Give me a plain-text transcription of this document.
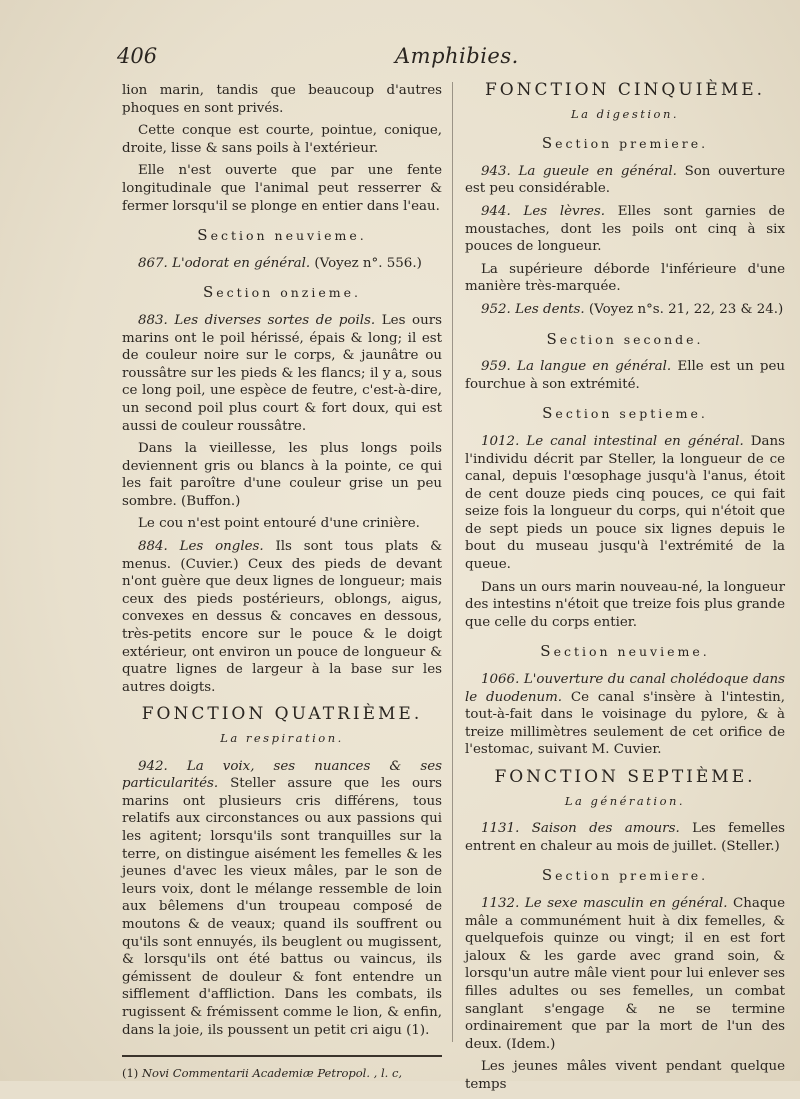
406	Amphibies.

lion marin, tandis que beaucoup d'autres phoques en sont privés.

Cette conque est courte, pointue, conique, droite, lisse & sans poils à l'extérieur.

Elle n'est ouverte que par une fente longitudinale que l'animal peut resserrer & fermer lorsqu'il se plonge en entier dans l'eau.

Section neuvieme.

867. L'odorat en général. (Voyez n°. 556.)

Section onzieme.

883. Les diverses sortes de poils. Les ours marins ont le poil hérissé, épais & long; il est de couleur noire sur le corps, & jaunâtre ou roussâtre sur les pieds & les flancs; il y a, sous ce long poil, une espèce de feutre, c'est-à-dire, un second poil plus court & fort doux, qui est aussi de couleur roussâtre.

Dans la vieillesse, les plus longs poils deviennent gris ou blancs à la pointe, ce qui les fait paroître d'une couleur grise un peu sombre. (Buffon.)

Le cou n'est point entouré d'une crinière.

884. Les ongles. Ils sont tous plats & menus. (Cuvier.) Ceux des pieds de devant n'ont guère que deux lignes de longueur; mais ceux des pieds postérieurs, oblongs, aigus, convexes en dessus & concaves en dessous, très-petits encore sur le pouce & le doigt extérieur, ont environ un pouce de longueur & quatre lignes de largeur à la base sur les autres doigts.

FONCTION QUATRIÈME.
La respiration.

942. La voix, ses nuances & ses particularités. Steller assure que les ours marins ont plusieurs cris différens, tous relatifs aux circonstances ou aux passions qui les agitent; lorsqu'ils sont tranquilles sur la terre, on distingue aisément les femelles & les jeunes d'avec les vieux mâles, par le son de leurs voix, dont le mélange ressemble de loin aux bêlemens d'un troupeau composé de moutons & de veaux; quand ils souffrent ou qu'ils sont ennuyés, ils beuglent ou mugissent, & lorsqu'ils ont été battus ou vaincus, ils gémissent de douleur & font entendre un sifflement d'affliction. Dans les combats, ils rugissent & frémissent comme le lion, & enfin, dans la joie, ils poussent un petit cri aigu (1).

(1) Novi Commentarii Academiæ Petropol. , l. c,

FONCTION CINQUIÈME.
La digestion.
Section premiere.

943. La gueule en général. Son ouverture est peu considérable.

944. Les lèvres. Elles sont garnies de moustaches, dont les poils ont cinq à six pouces de longueur.

La supérieure déborde l'inférieure d'une manière très-marquée.

952. Les dents. (Voyez n°s. 21, 22, 23 & 24.)

Section seconde.

959. La langue en général. Elle est un peu fourchue à son extrémité.

Section septieme.

1012. Le canal intestinal en général. Dans l'individu décrit par Steller, la longueur de ce canal, depuis l'œsophage jusqu'à l'anus, étoit de cent douze pieds cinq pouces, ce qui fait seize fois la longueur du corps, qui n'étoit que de sept pieds un pouce six lignes depuis le bout du museau jusqu'à l'extrémité de la queue.

Dans un ours marin nouveau-né, la longueur des intestins n'étoit que treize fois plus grande que celle du corps entier.

Section neuvieme.

1066. L'ouverture du canal cholédoque dans le duodenum. Ce canal s'insère à l'intestin, tout-à-fait dans le voisinage du pylore, & à treize millimètres seulement de cet orifice de l'estomac, suivant M. Cuvier.

FONCTION SEPTIÈME.
La génération.

1131. Saison des amours. Les femelles entrent en chaleur au mois de juillet. (Steller.)

Section premiere.

1132. Le sexe masculin en général. Chaque mâle a communément huit à dix femelles, & quelquefois quinze ou vingt; il en est fort jaloux & les garde avec grand soin, & lorsqu'un autre mâle vient pour lui enlever ses filles adultes ou ses femelles, un combat sanglant s'engage & ne se termine ordinairement que par la mort de l'un des deux. (Idem.)

Les jeunes mâles vivent pendant quelque temps
